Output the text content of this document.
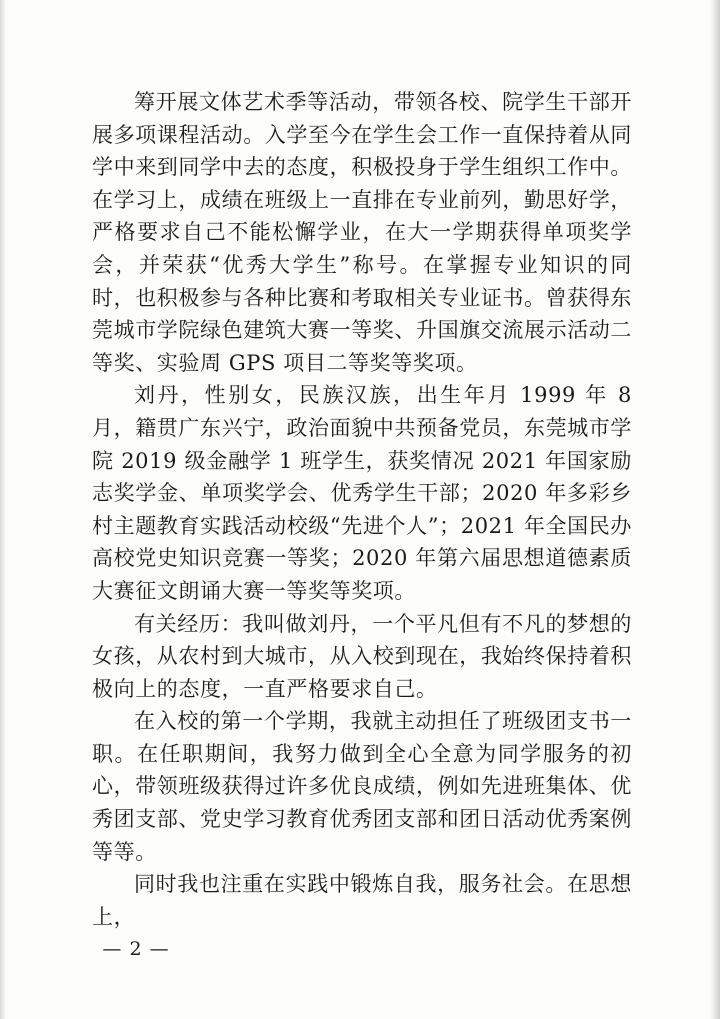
筹开展文体艺术季等活动，带领各校、院学生干部开展多项课程活动。入学至今在学生会工作一直保持着从同学中来到同学中去的态度，积极投身于学生组织工作中。在学习上，成绩在班级上一直排在专业前列，勤思好学，严格要求自己不能松懈学业，在大一学期获得单项奖学会，并荣获“优秀大学生”称号。在掌握专业知识的同时，也积极参与各种比赛和考取相关专业证书。曾获得东莞城市学院绿色建筑大赛一等奖、升国旗交流展示活动二等奖、实验周 GPS 项目二等奖等奖项。

刘丹，性别女，民族汉族，出生年月 1999 年 8 月，籍贯广东兴宁，政治面貌中共预备党员，东莞城市学院 2019 级金融学 1 班学生，获奖情况 2021 年国家励志奖学金、单项奖学会、优秀学生干部；2020 年多彩乡村主题教育实践活动校级“先进个人”；2021 年全国民办高校党史知识竞赛一等奖；2020 年第六届思想道德素质大赛征文朗诵大赛一等奖等奖项。

有关经历：我叫做刘丹，一个平凡但有不凡的梦想的女孩，从农村到大城市，从入校到现在，我始终保持着积极向上的态度，一直严格要求自己。

在入校的第一个学期，我就主动担任了班级团支书一职。在任职期间，我努力做到全心全意为同学服务的初心，带领班级获得过许多优良成绩，例如先进班集体、优秀团支部、党史学习教育优秀团支部和团日活动优秀案例等等。

同时我也注重在实践中锻炼自我，服务社会。在思想上，

— 2 —
